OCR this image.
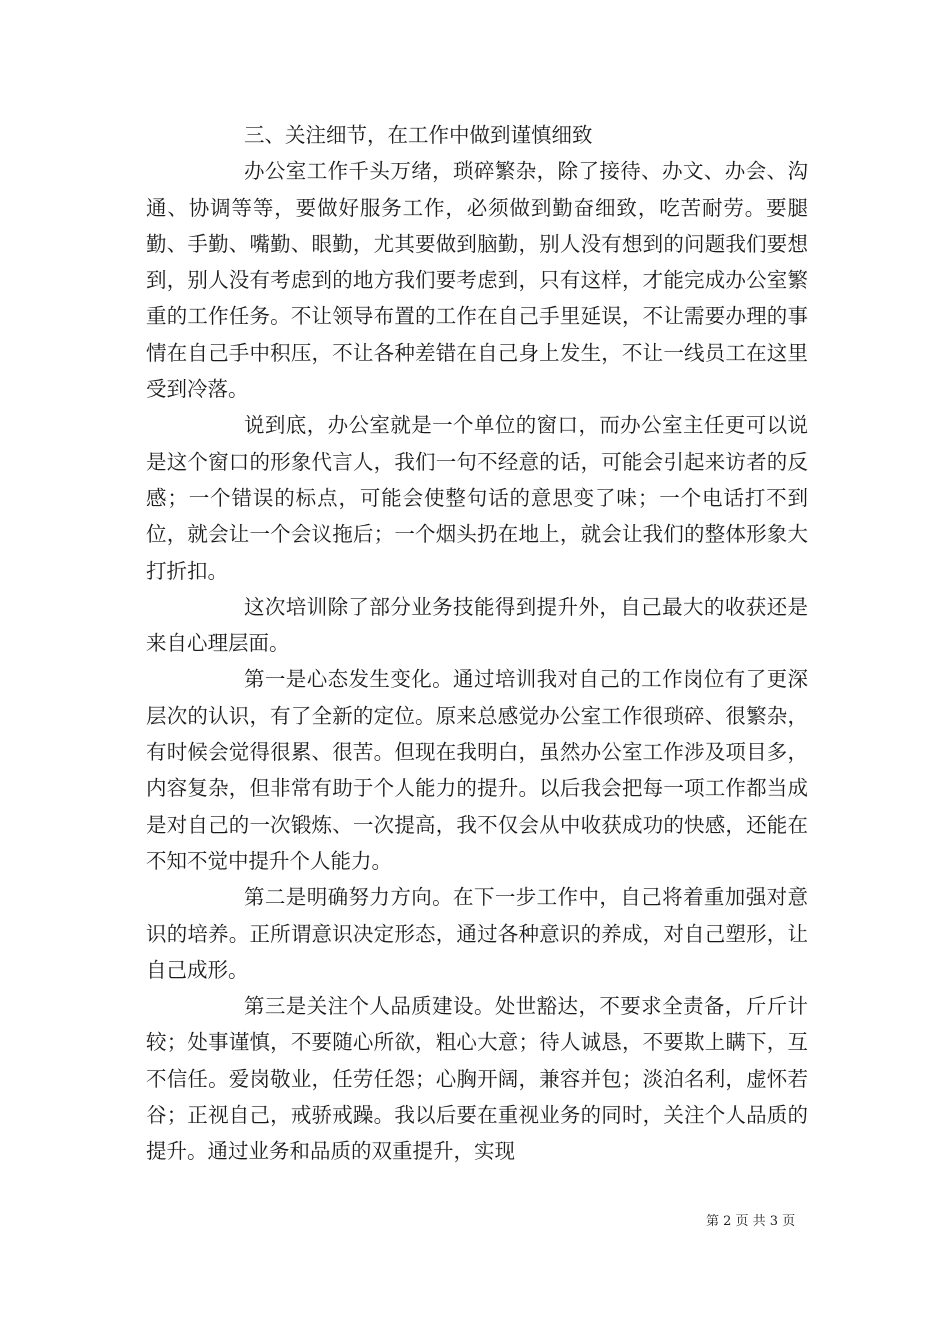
三、关注细节，在工作中做到谨慎细致

办公室工作千头万绪，琐碎繁杂，除了接待、办文、办会、沟通、协调等等，要做好服务工作，必须做到勤奋细致，吃苦耐劳。要腿勤、手勤、嘴勤、眼勤，尤其要做到脑勤，别人没有想到的问题我们要想到，别人没有考虑到的地方我们要考虑到，只有这样，才能完成办公室繁重的工作任务。不让领导布置的工作在自己手里延误，不让需要办理的事情在自己手中积压，不让各种差错在自己身上发生，不让一线员工在这里受到冷落。

说到底，办公室就是一个单位的窗口，而办公室主任更可以说是这个窗口的形象代言人，我们一句不经意的话，可能会引起来访者的反感；一个错误的标点，可能会使整句话的意思变了味；一个电话打不到位，就会让一个会议拖后；一个烟头扔在地上，就会让我们的整体形象大打折扣。

这次培训除了部分业务技能得到提升外，自己最大的收获还是来自心理层面。

第一是心态发生变化。通过培训我对自己的工作岗位有了更深层次的认识，有了全新的定位。原来总感觉办公室工作很琐碎、很繁杂，有时候会觉得很累、很苦。但现在我明白，虽然办公室工作涉及项目多，内容复杂，但非常有助于个人能力的提升。以后我会把每一项工作都当成是对自己的一次锻炼、一次提高，我不仅会从中收获成功的快感，还能在不知不觉中提升个人能力。

第二是明确努力方向。在下一步工作中，自己将着重加强对意识的培养。正所谓意识决定形态，通过各种意识的养成，对自己塑形，让自己成形。

第三是关注个人品质建设。处世豁达，不要求全责备，斤斤计较；处事谨慎，不要随心所欲，粗心大意；待人诚恳，不要欺上瞒下，互不信任。爱岗敬业，任劳任怨；心胸开阔，兼容并包；淡泊名利，虚怀若谷；正视自己，戒骄戒躁。我以后要在重视业务的同时，关注个人品质的提升。通过业务和品质的双重提升，实现

第 2 页 共 3 页
